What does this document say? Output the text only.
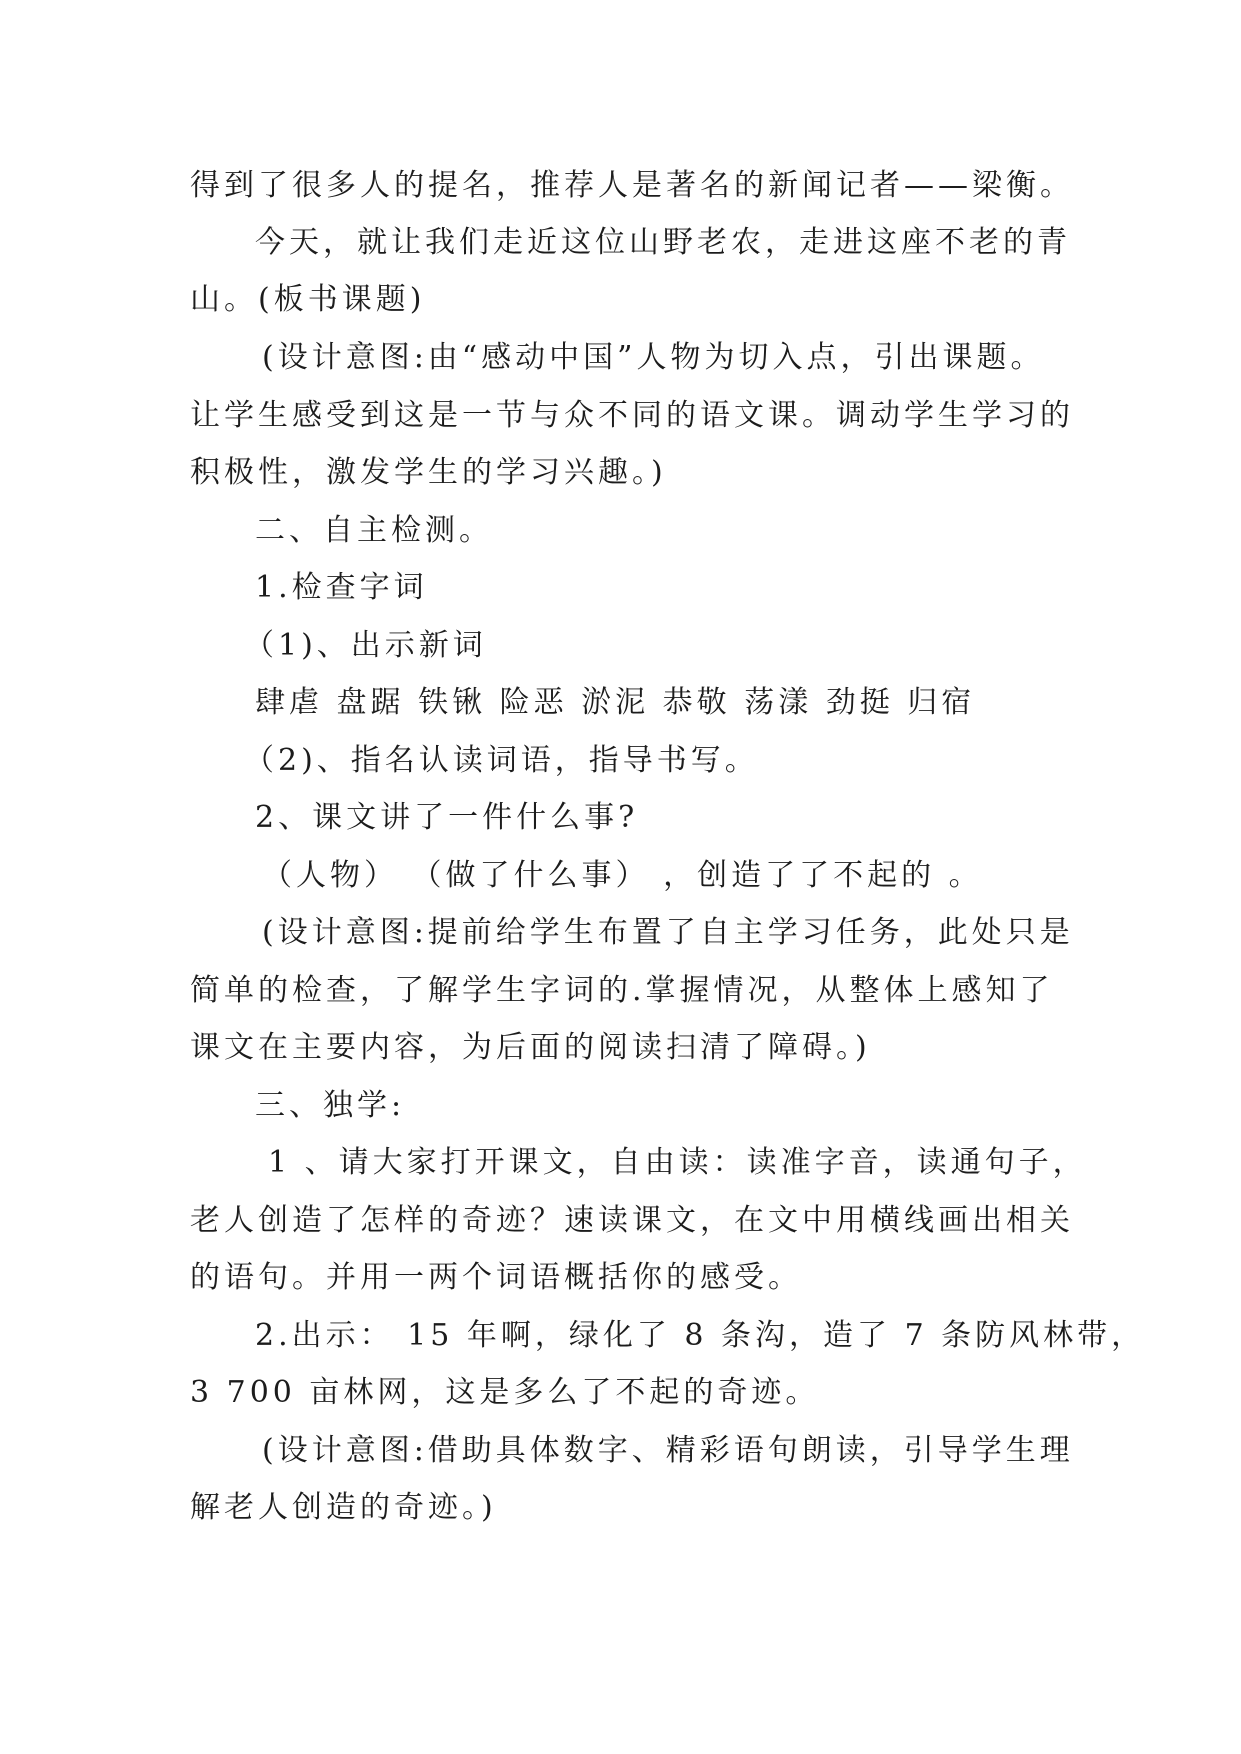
得到了很多人的提名，推荐人是著名的新闻记者——梁衡。
今天，就让我们走近这位山野老农，走进这座不老的青
山。(板书课题)
(设计意图:由“感动中国”人物为切入点，引出课题。
让学生感受到这是一节与众不同的语文课。调动学生学习的
积极性，激发学生的学习兴趣。)
二、自主检测。
1.检查字词
（1)、出示新词
肆虐 盘踞 铁锹 险恶 淤泥 恭敬 荡漾 劲挺 归宿
（2)、指名认读词语，指导书写。
2、课文讲了一件什么事?
（人物） （做了什么事） ，创造了了不起的 。
(设计意图:提前给学生布置了自主学习任务，此处只是
简单的检查，了解学生字词的.掌握情况，从整体上感知了
课文在主要内容，为后面的阅读扫清了障碍。)
三、独学:
1 、请大家打开课文，自由读：读准字音，读通句子，
老人创造了怎样的奇迹？速读课文，在文中用横线画出相关
的语句。并用一两个词语概括你的感受。
2.出示： 15 年啊，绿化了 8 条沟，造了 7 条防风林带，
3 700 亩林网，这是多么了不起的奇迹。
(设计意图:借助具体数字、精彩语句朗读，引导学生理
解老人创造的奇迹。)
